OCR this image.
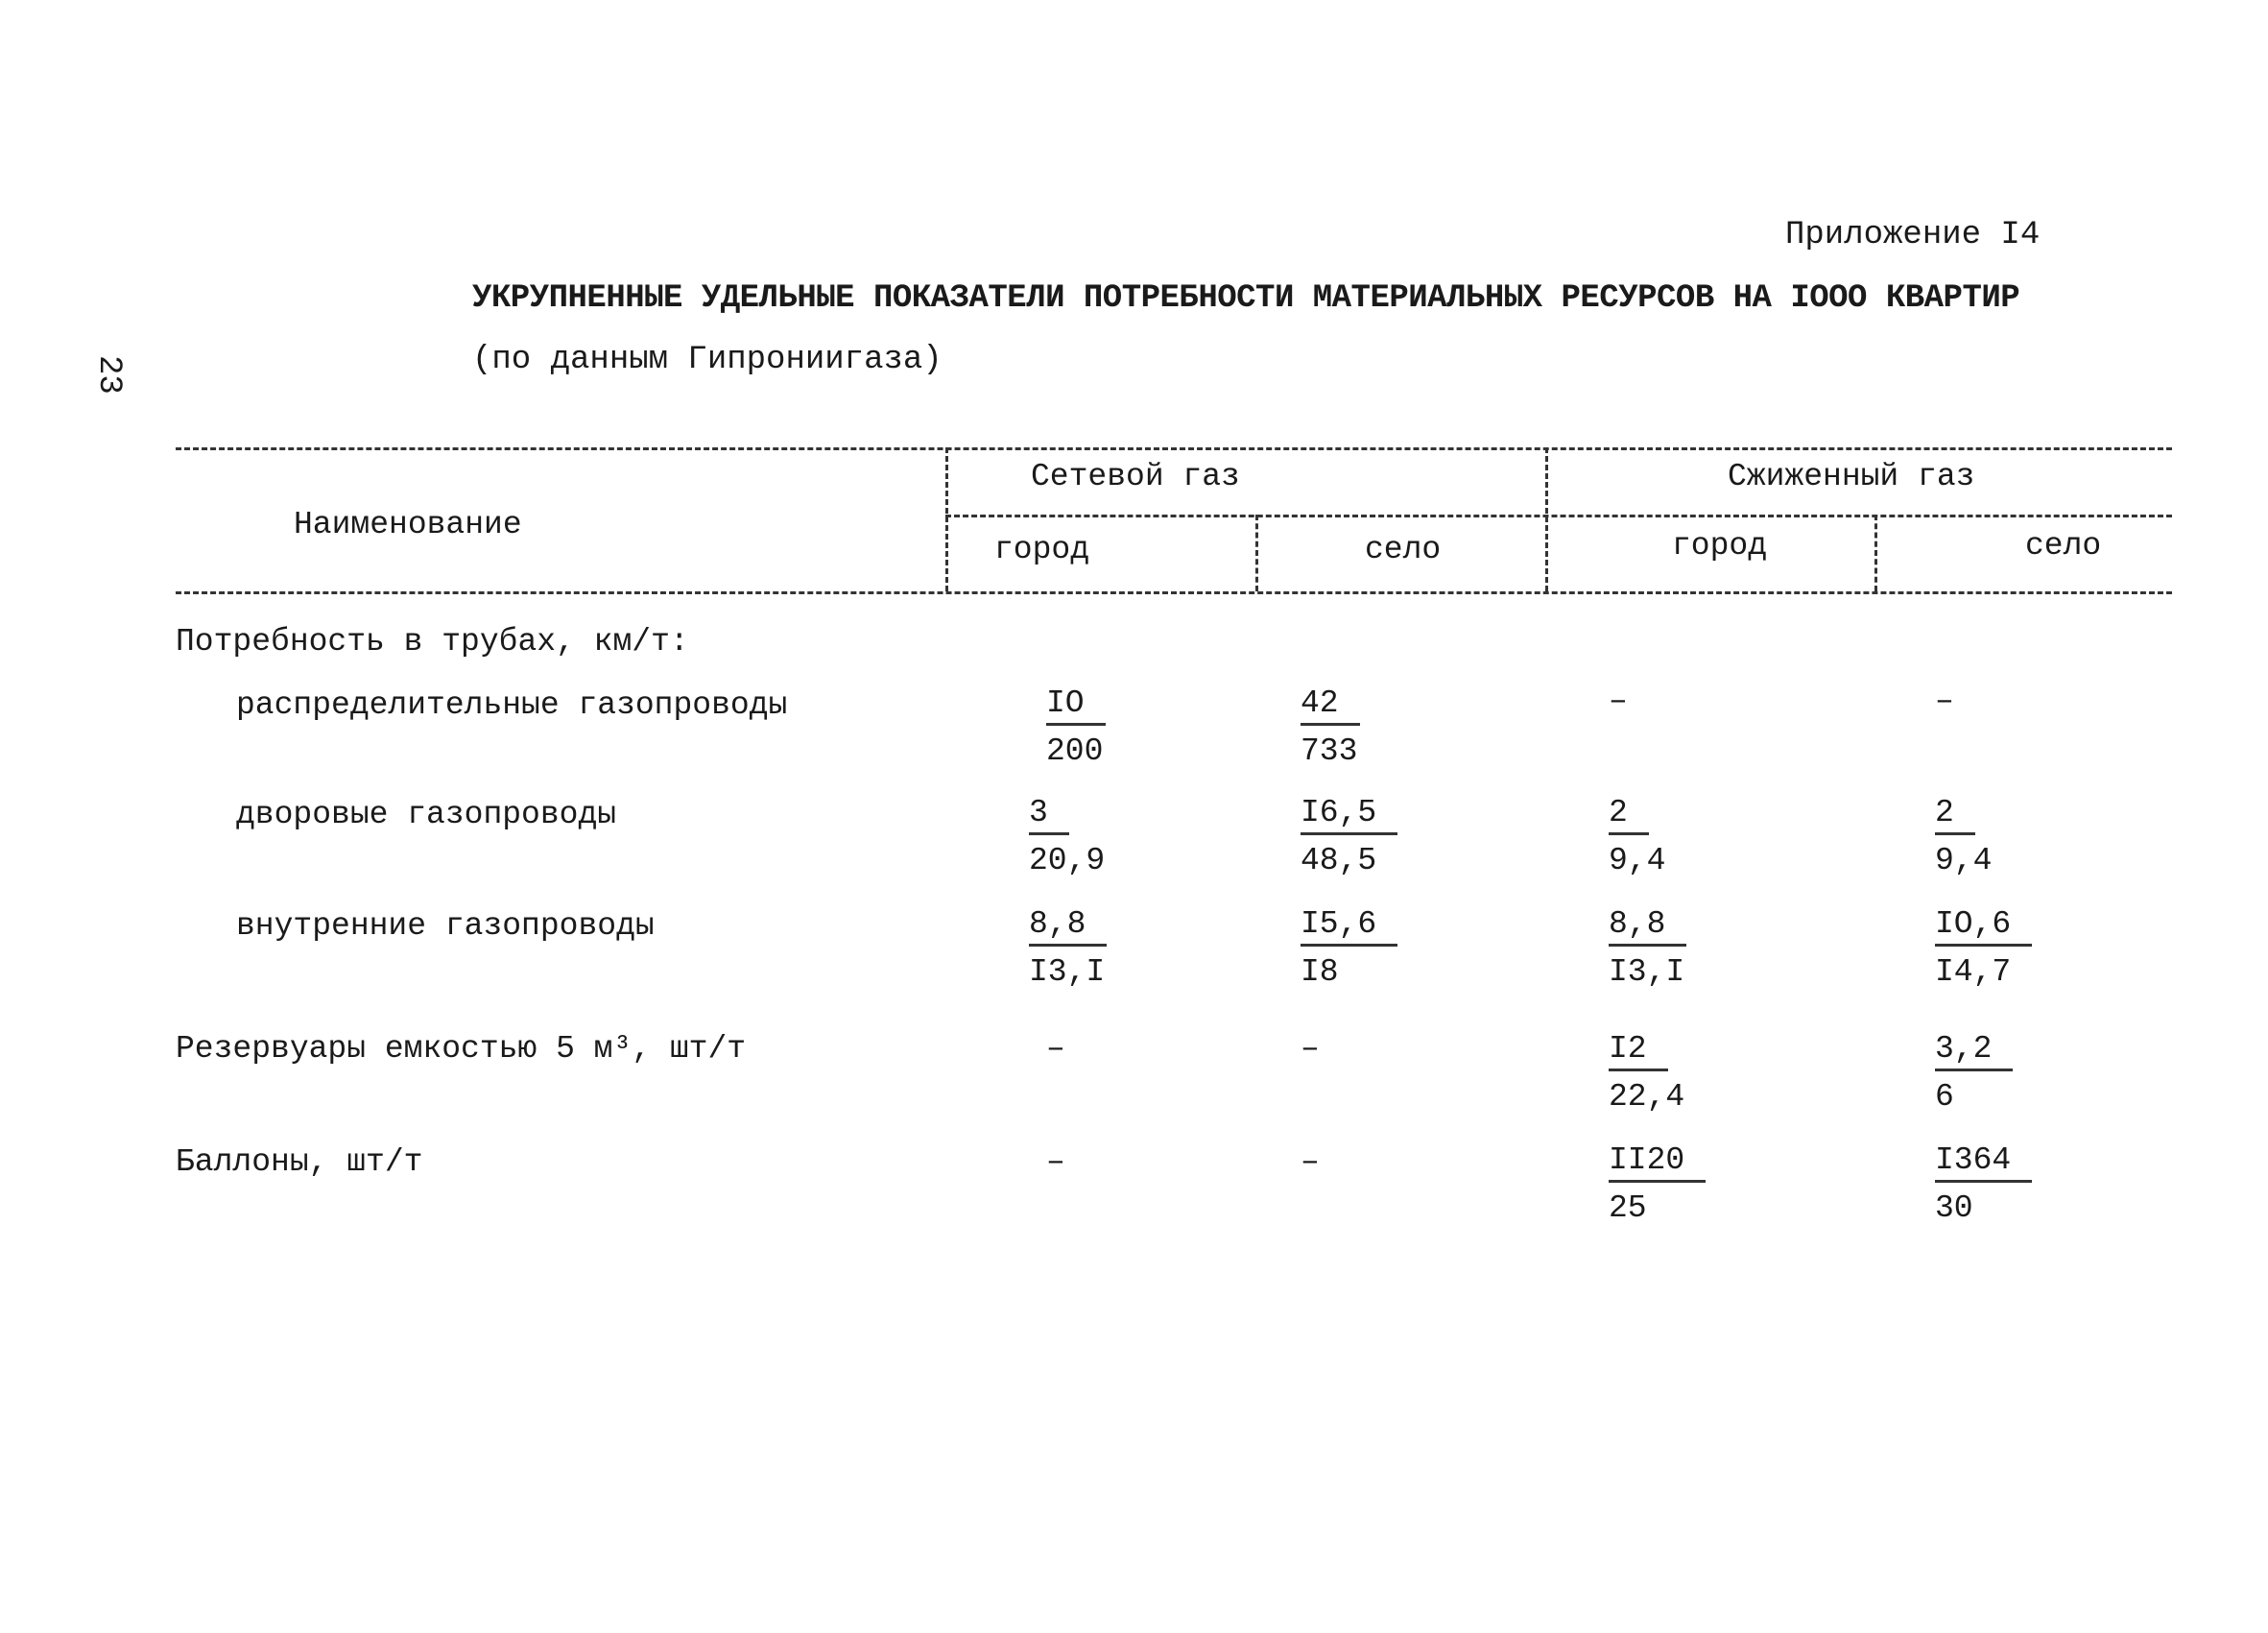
Приложение I4
УКРУПНЕННЫЕ УДЕЛЬНЫЕ ПОКАЗАТЕЛИ ПОТРЕБНОСТИ МАТЕРИАЛЬНЫХ РЕСУРСОВ НА IOOO КВАРТИР
(по данным Гипрониигаза)
23
Наименование
Сетевой газ	Сжиженный газ
город	село	город	село
Потребность в трубах, км/т:
распределительные газопроводы	$\frac{IO}{200}$	$\frac{42}{733}$	–	–
дворовые газопроводы	$\frac{3}{20,9}$	$\frac{I6,5}{48,5}$	$\frac{2}{9,4}$	$\frac{2}{9,4}$
внутренние газопроводы	$\frac{8,8}{I3,I}$	$\frac{I5,6}{I8}$	$\frac{8,8}{I3,I}$	$\frac{IO,6}{I4,7}$
Резервуары емкостью 5 м³, шт/т	–	–	$\frac{I2}{22,4}$	$\frac{3,2}{6}$
Баллоны, шт/т	–	–	$\frac{II20}{25}$	$\frac{I364}{30}$
